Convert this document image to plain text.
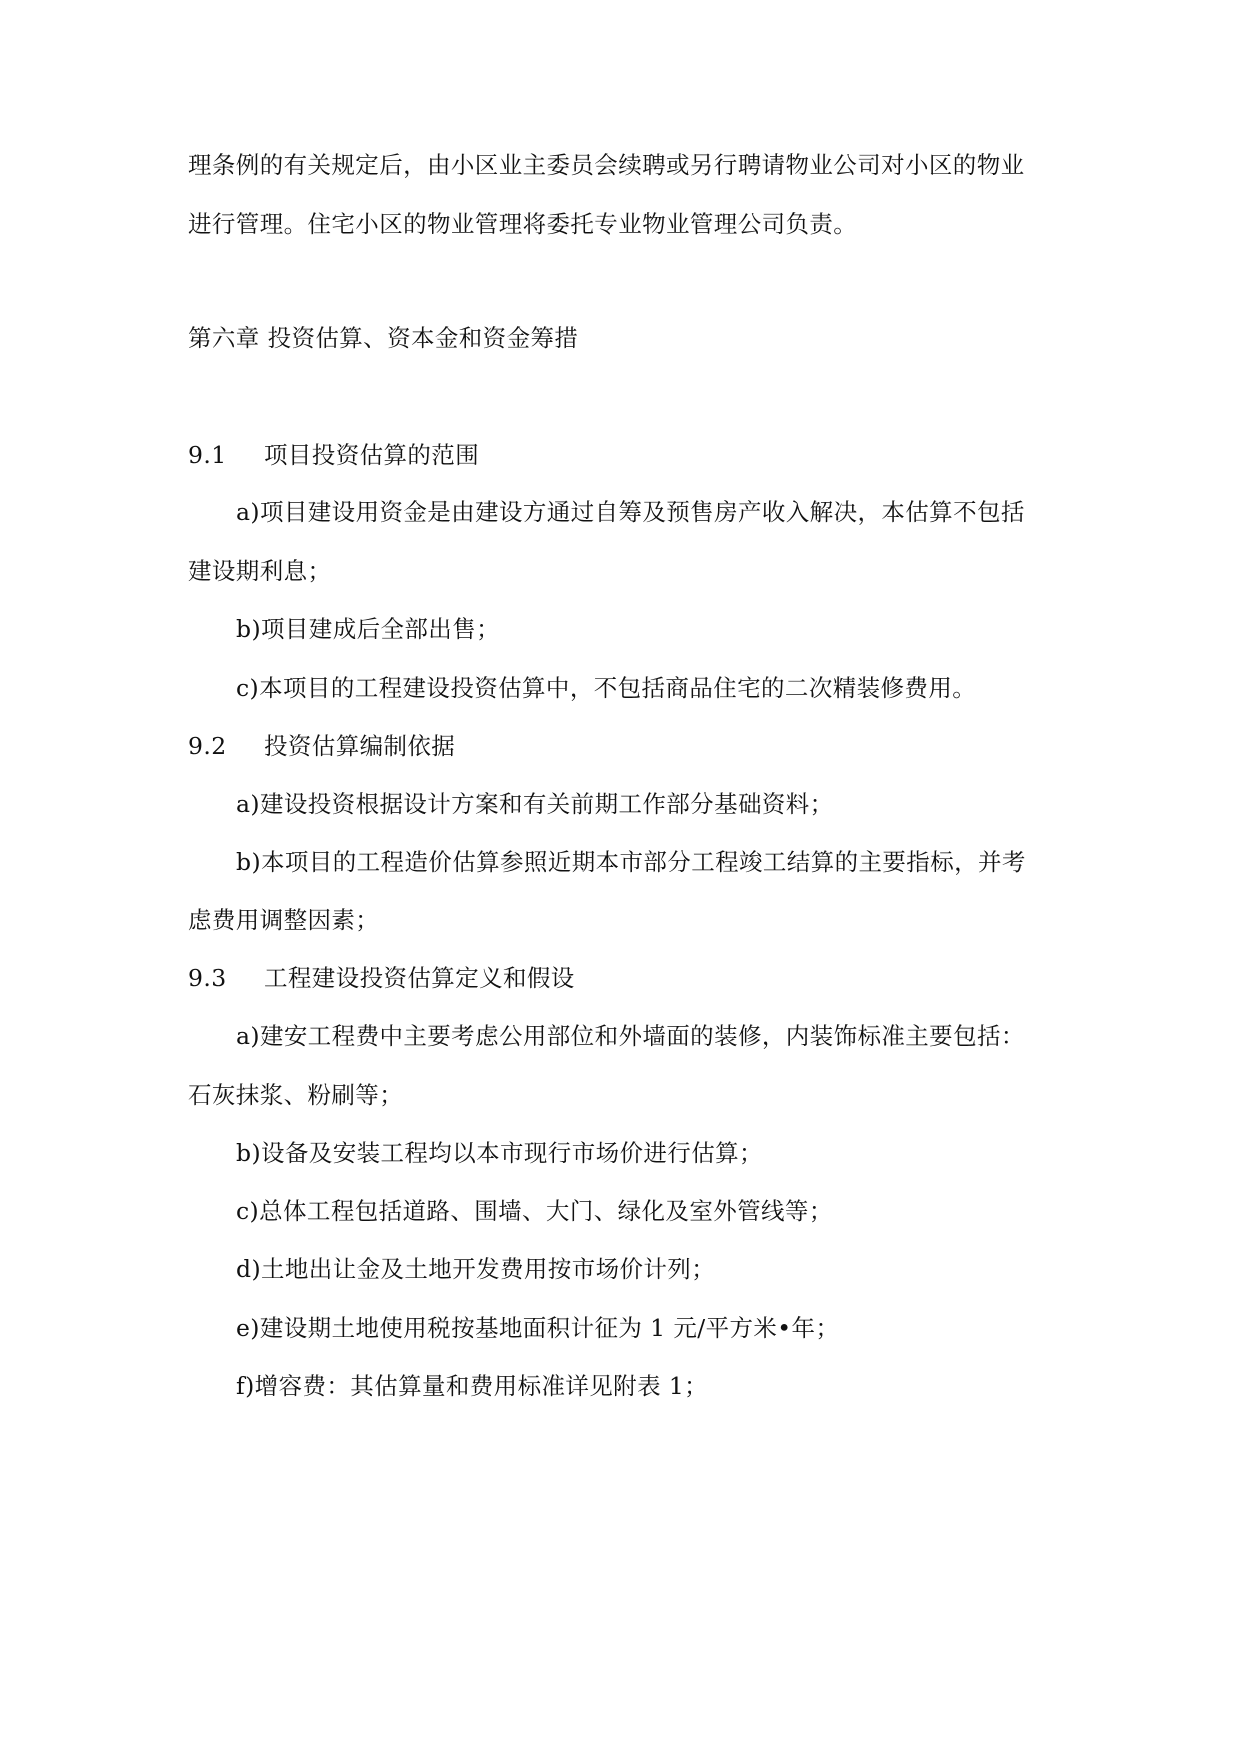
理条例的有关规定后，由小区业主委员会续聘或另行聘请物业公司对小区的物业
进行管理。住宅小区的物业管理将委托专业物业管理公司负责。
第六章 投资估算、资本金和资金筹措
9.1 项目投资估算的范围
a)项目建设用资金是由建设方通过自筹及预售房产收入解决，本估算不包括
建设期利息；
b)项目建成后全部出售；
c)本项目的工程建设投资估算中，不包括商品住宅的二次精装修费用。
9.2 投资估算编制依据
a)建设投资根据设计方案和有关前期工作部分基础资料；
b)本项目的工程造价估算参照近期本市部分工程竣工结算的主要指标，并考
虑费用调整因素；
9.3 工程建设投资估算定义和假设
a)建安工程费中主要考虑公用部位和外墙面的装修，内装饰标准主要包括：
石灰抹浆、粉刷等；
b)设备及安装工程均以本市现行市场价进行估算；
c)总体工程包括道路、围墙、大门、绿化及室外管线等；
d)土地出让金及土地开发费用按市场价计列；
e)建设期土地使用税按基地面积计征为 1 元/平方米•年；
f)增容费：其估算量和费用标准详见附表 1；
